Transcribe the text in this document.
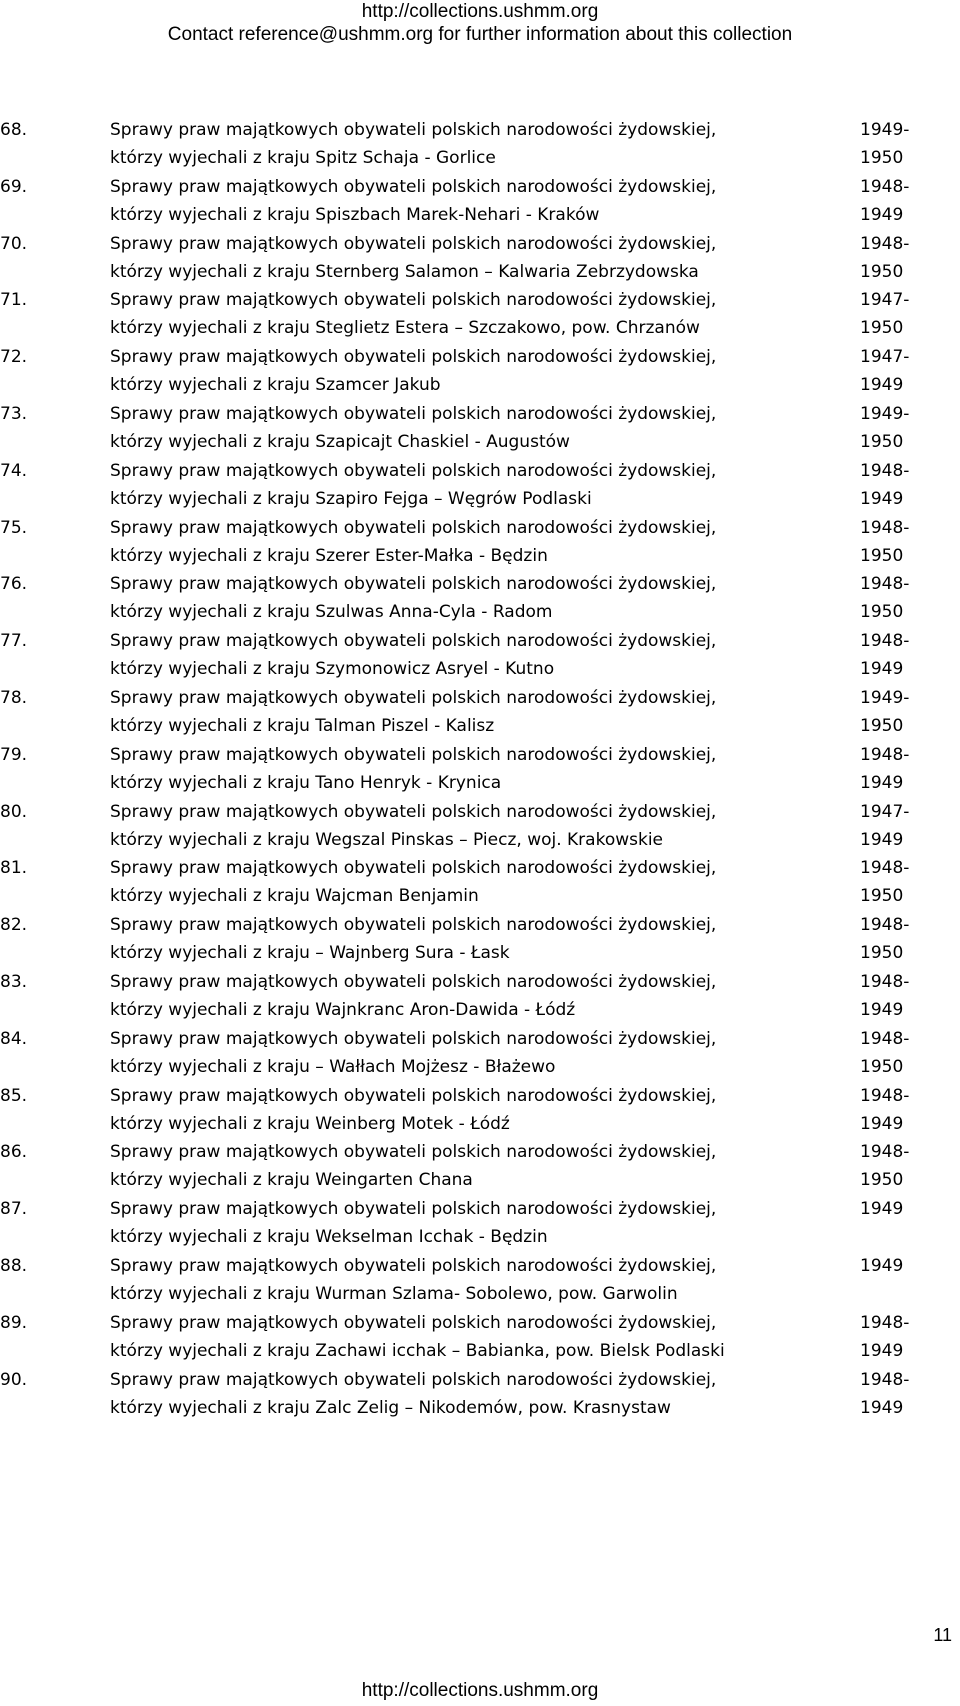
http://collections.ushmm.org
Contact reference@ushmm.org for further information about this collection
68.	Sprawy praw majątkowych obywateli polskich narodowości żydowskiej,
którzy wyjechali z kraju Spitz Schaja - Gorlice
1949-
1950
69.	Sprawy praw majątkowych obywateli polskich narodowości żydowskiej,
którzy wyjechali z kraju Spiszbach Marek-Nehari - Kraków
1948-
1949
70.	Sprawy praw majątkowych obywateli polskich narodowości żydowskiej,
którzy wyjechali z kraju Sternberg Salamon – Kalwaria Zebrzydowska
1948-
1950
71.	Sprawy praw majątkowych obywateli polskich narodowości żydowskiej,
którzy wyjechali z kraju Steglietz Estera – Szczakowo, pow. Chrzanów
1947-
1950
72.	Sprawy praw majątkowych obywateli polskich narodowości żydowskiej,
którzy wyjechali z kraju Szamcer Jakub
1947-
1949
73.	Sprawy praw majątkowych obywateli polskich narodowości żydowskiej,
którzy wyjechali z kraju Szapicajt Chaskiel - Augustów
1949-
1950
74.	Sprawy praw majątkowych obywateli polskich narodowości żydowskiej,
którzy wyjechali z kraju Szapiro Fejga – Węgrów Podlaski
1948-
1949
75.	Sprawy praw majątkowych obywateli polskich narodowości żydowskiej,
którzy wyjechali z kraju Szerer Ester-Małka - Będzin
1948-
1950
76.	Sprawy praw majątkowych obywateli polskich narodowości żydowskiej,
którzy wyjechali z kraju Szulwas Anna-Cyla - Radom
1948-
1950
77.	Sprawy praw majątkowych obywateli polskich narodowości żydowskiej,
którzy wyjechali z kraju Szymonowicz Asryel - Kutno
1948-
1949
78.	Sprawy praw majątkowych obywateli polskich narodowości żydowskiej,
którzy wyjechali z kraju Talman Piszel - Kalisz
1949-
1950
79.	Sprawy praw majątkowych obywateli polskich narodowości żydowskiej,
którzy wyjechali z kraju Tano Henryk - Krynica
1948-
1949
80.	Sprawy praw majątkowych obywateli polskich narodowości żydowskiej,
którzy wyjechali z kraju Wegszal Pinskas – Piecz, woj. Krakowskie
1947-
1949
81.	Sprawy praw majątkowych obywateli polskich narodowości żydowskiej,
którzy wyjechali z kraju Wajcman Benjamin
1948-
1950
82.	Sprawy praw majątkowych obywateli polskich narodowości żydowskiej,
którzy wyjechali z kraju – Wajnberg Sura - Łask
1948-
1950
83.	Sprawy praw majątkowych obywateli polskich narodowości żydowskiej,
którzy wyjechali z kraju Wajnkranc Aron-Dawida - Łódź
1948-
1949
84.	Sprawy praw majątkowych obywateli polskich narodowości żydowskiej,
którzy wyjechali z kraju – Wałłach Mojżesz - Błażewo
1948-
1950
85.	Sprawy praw majątkowych obywateli polskich narodowości żydowskiej,
którzy wyjechali z kraju Weinberg Motek - Łódź
1948-
1949
86.	Sprawy praw majątkowych obywateli polskich narodowości żydowskiej,
którzy wyjechali z kraju Weingarten Chana
1948-
1950
87.	Sprawy praw majątkowych obywateli polskich narodowości żydowskiej,
którzy wyjechali z kraju Wekselman Icchak - Będzin
1949
88.	Sprawy praw majątkowych obywateli polskich narodowości żydowskiej,
którzy wyjechali z kraju Wurman Szlama- Sobolewo, pow. Garwolin
1949
89.	Sprawy praw majątkowych obywateli polskich narodowości żydowskiej,
którzy wyjechali z kraju Zachawi icchak – Babianka, pow. Bielsk Podlaski
1948-
1949
90.	Sprawy praw majątkowych obywateli polskich narodowości żydowskiej,
którzy wyjechali z kraju Zalc Zelig – Nikodemów, pow. Krasnystaw
1948-
1949
11
http://collections.ushmm.org
